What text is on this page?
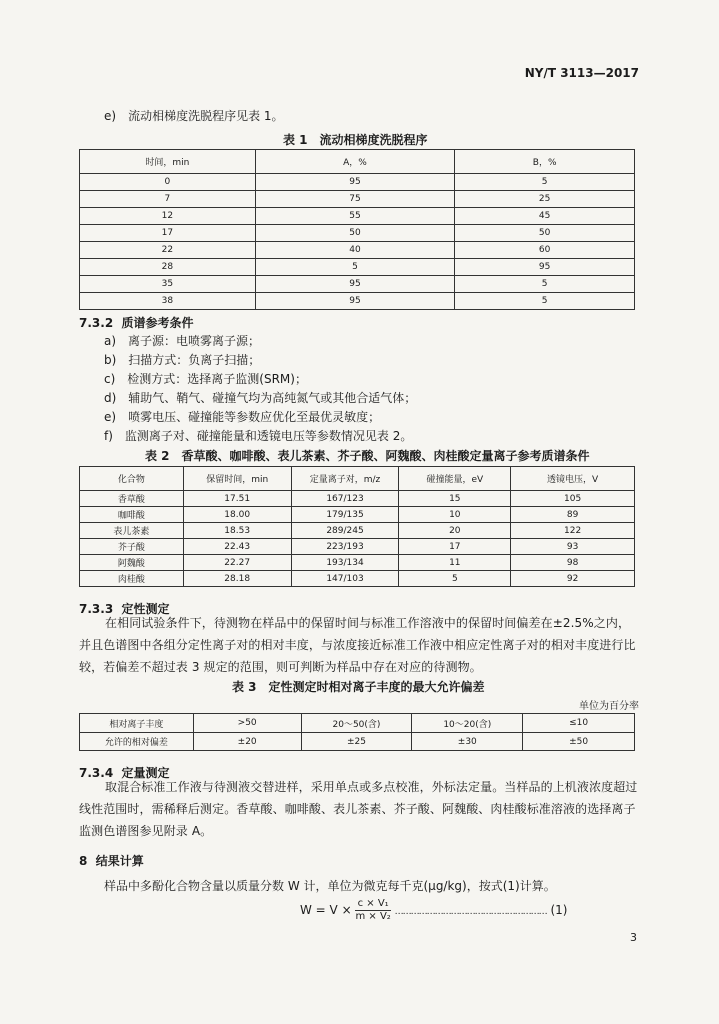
NY/T 3113—2017
e)　流动相梯度洗脱程序见表 1。
表 1　流动相梯度洗脱程序
时间，min	A，%	B，%
0	95	5
7	75	25
12	55	45
17	50	50
22	40	60
28	5	95
35	95	5
38	95	5
7.3.2 质谱参考条件
a)　离子源：电喷雾离子源；
b)　扫描方式：负离子扫描；
c)　检测方式：选择离子监测(SRM)；
d)　辅助气、鞘气、碰撞气均为高纯氮气或其他合适气体；
e)　喷雾电压、碰撞能等参数应优化至最优灵敏度；
f)　监测离子对、碰撞能量和透镜电压等参数情况见表 2。
表 2　香草酸、咖啡酸、表儿茶素、芥子酸、阿魏酸、肉桂酸定量离子参考质谱条件
化合物	保留时间，min	定量离子对，m/z	碰撞能量，eV	透镜电压，V
香草酸	17.51	167/123	15	105
咖啡酸	18.00	179/135	10	89
表儿茶素	18.53	289/245	20	122
芥子酸	22.43	223/193	17	93
阿魏酸	22.27	193/134	11	98
肉桂酸	28.18	147/103	5	92
7.3.3 定性测定
在相同试验条件下，待测物在样品中的保留时间与标准工作溶液中的保留时间偏差在±2.5%之内，并且色谱图中各组分定性离子对的相对丰度，与浓度接近标准工作液中相应定性离子对的相对丰度进行比较，若偏差不超过表 3 规定的范围，则可判断为样品中存在对应的待测物。
表 3　定性测定时相对离子丰度的最大允许偏差
单位为百分率
相对离子丰度	>50	20～50(含)	10～20(含)	≤10
允许的相对偏差	±20	±25	±30	±50
7.3.4 定量测定
取混合标准工作液与待测液交替进样，采用单点或多点校准，外标法定量。当样品的上机液浓度超过线性范围时，需稀释后测定。香草酸、咖啡酸、表儿茶素、芥子酸、阿魏酸、肉桂酸标准溶液的选择离子监测色谱图参见附录 A。
8 结果计算
样品中多酚化合物含量以质量分数 W 计，单位为微克每千克(μg/kg)，按式(1)计算。
$W = V \times \frac{\text{c × V₁}}{\text{m × V₂}}$ ………………………………………………… (1)
3
